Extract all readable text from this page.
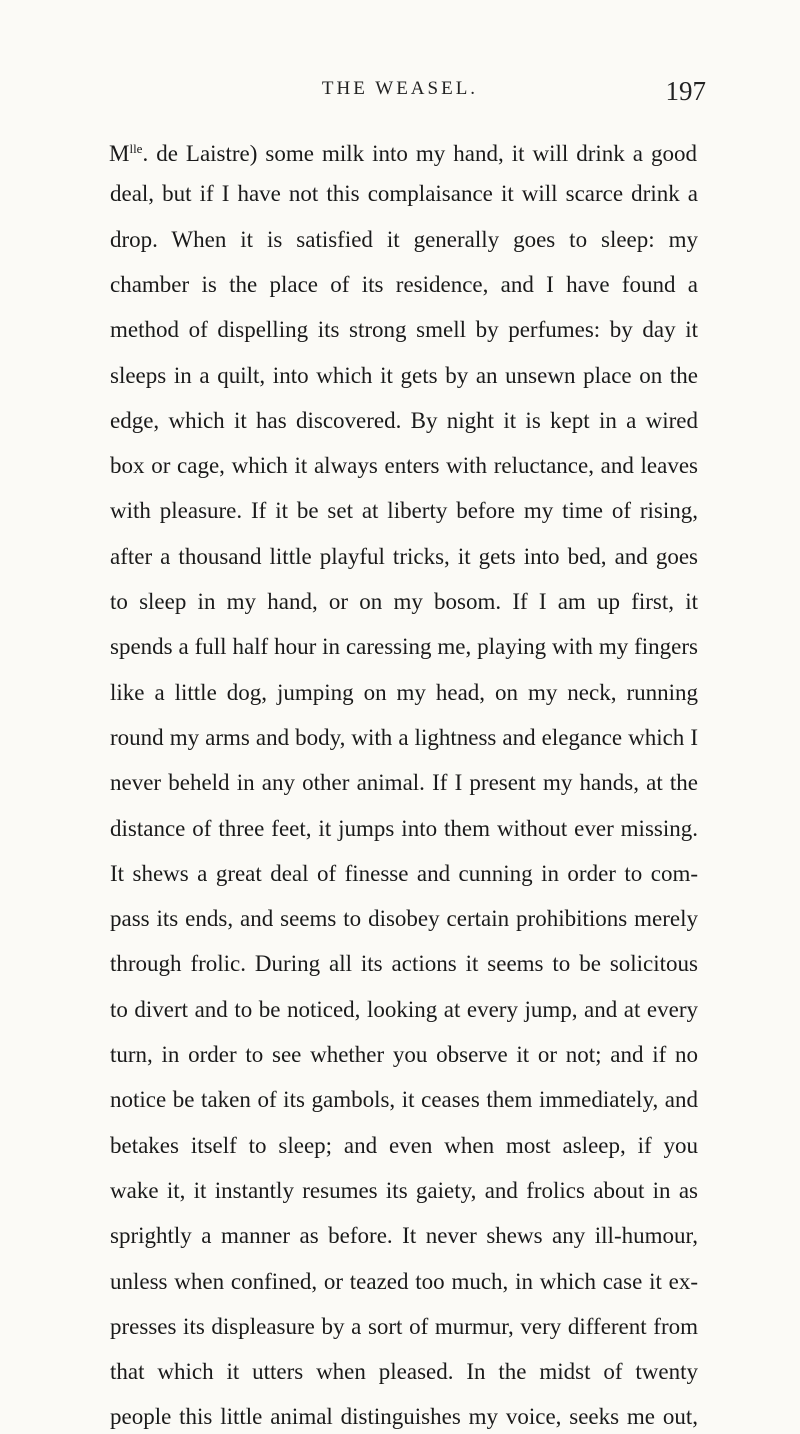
THE WEASEL.	197
$M^{lle}$. de Laistre) some milk into my hand, it will drink a good
deal, but if I have not this complaisance it will scarce drink a
drop. When it is satisfied it generally goes to sleep: my
chamber is the place of its residence, and I have found a
method of dispelling its strong smell by perfumes: by day it
sleeps in a quilt, into which it gets by an unsewn place on the
edge, which it has discovered. By night it is kept in a wired
box or cage, which it always enters with reluctance, and leaves
with pleasure. If it be set at liberty before my time of rising,
after a thousand little playful tricks, it gets into bed, and goes
to sleep in my hand, or on my bosom. If I am up first, it
spends a full half hour in caressing me, playing with my fingers
like a little dog, jumping on my head, on my neck, running
round my arms and body, with a lightness and elegance which I
never beheld in any other animal. If I present my hands, at the
distance of three feet, it jumps into them without ever missing.
It shews a great deal of finesse and cunning in order to com-
pass its ends, and seems to disobey certain prohibitions merely
through frolic. During all its actions it seems to be solicitous
to divert and to be noticed, looking at every jump, and at every
turn, in order to see whether you observe it or not; and if no
notice be taken of its gambols, it ceases them immediately, and
betakes itself to sleep; and even when most asleep, if you
wake it, it instantly resumes its gaiety, and frolics about in as
sprightly a manner as before. It never shews any ill-humour,
unless when confined, or teazed too much, in which case it ex-
presses its displeasure by a sort of murmur, very different from
that which it utters when pleased. In the midst of twenty
people this little animal distinguishes my voice, seeks me out,
